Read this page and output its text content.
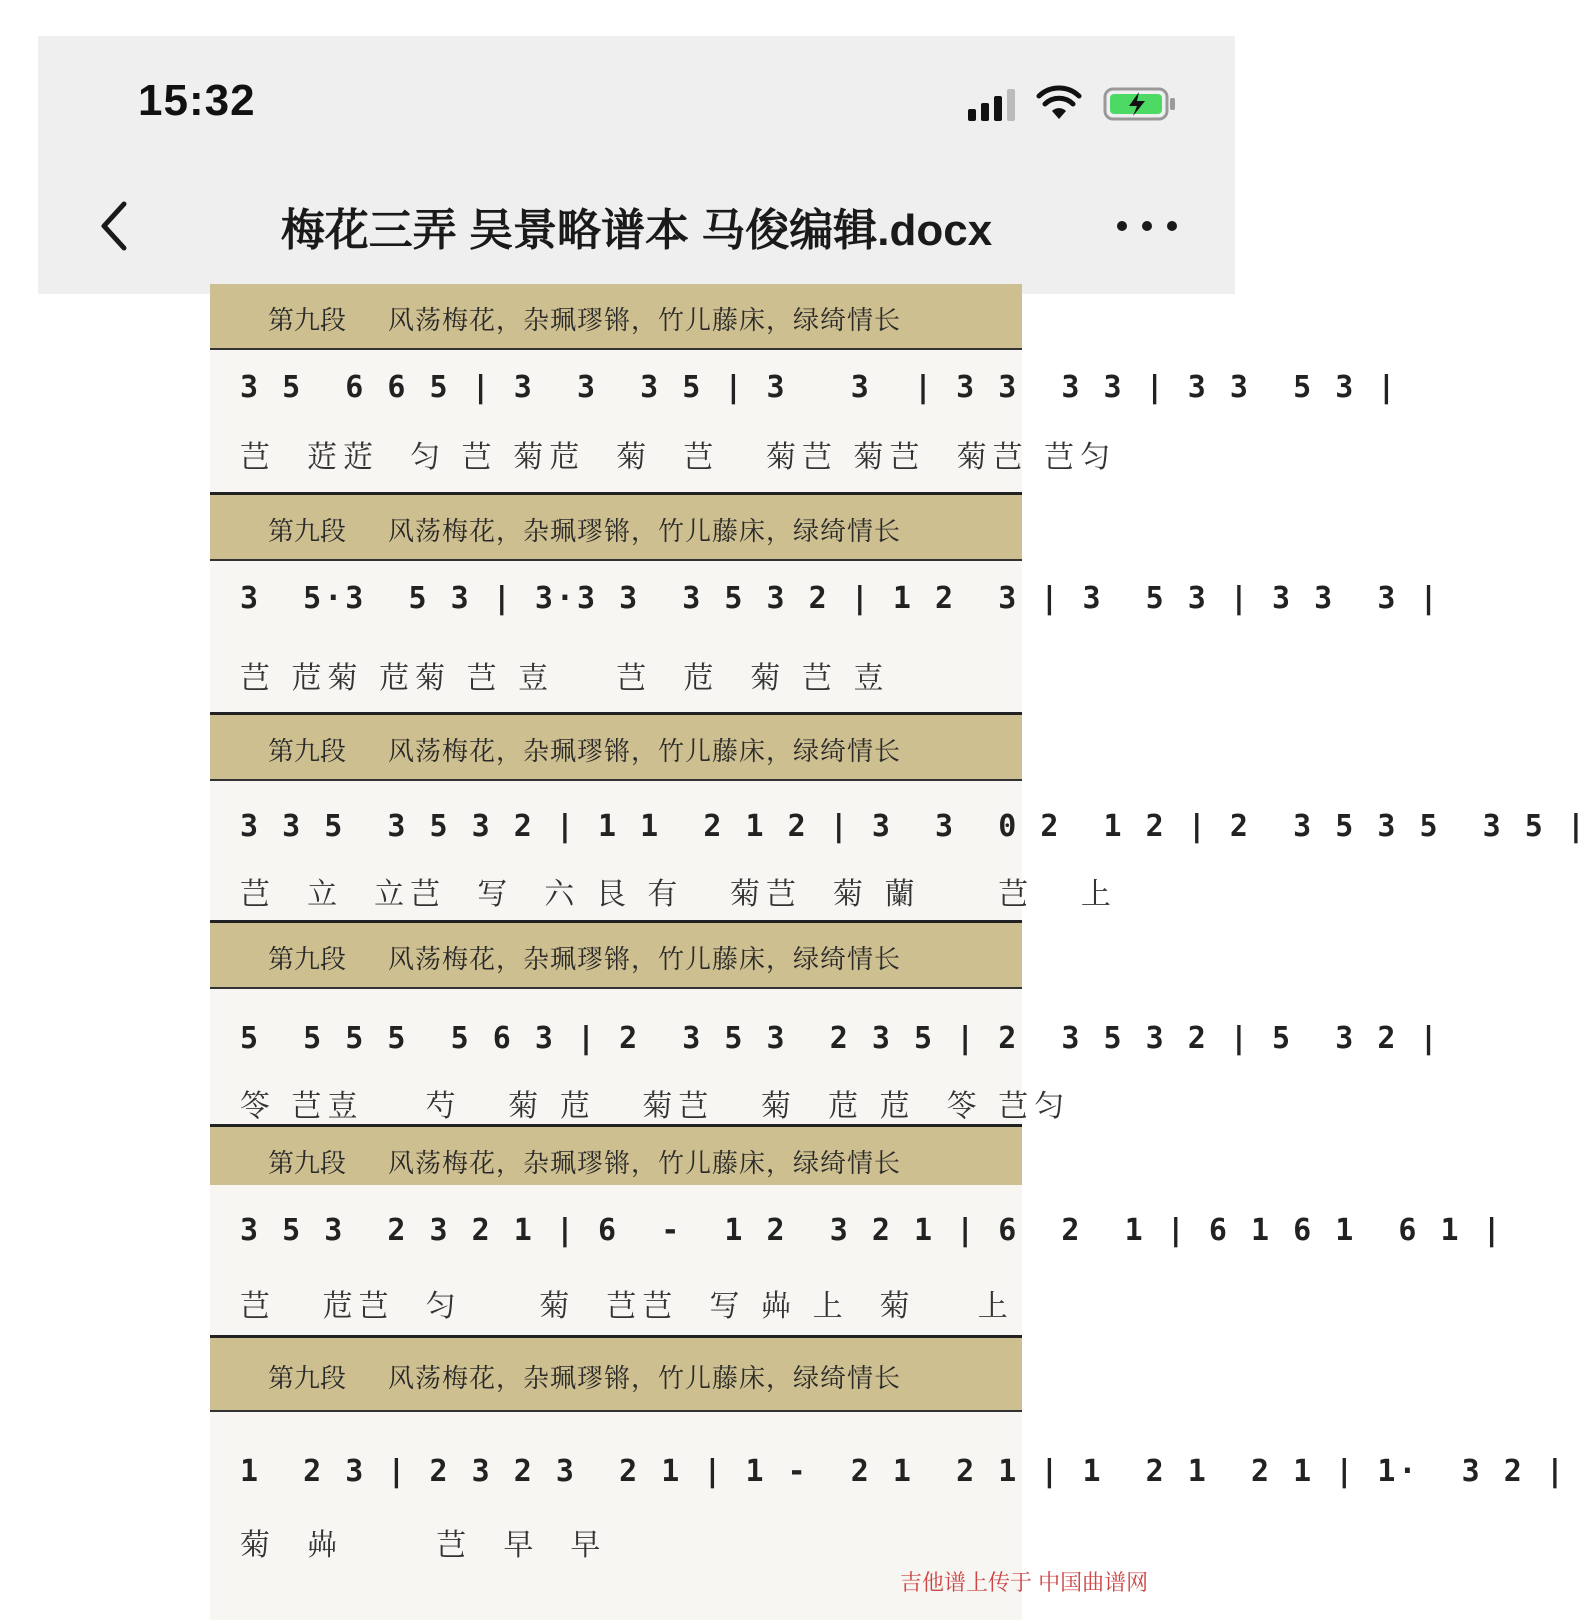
15:32
梅花三弄 吴景略谱本 马俊编辑.docx
第九段 风荡梅花，杂珮璆锵，竹儿藤床，绿绮情长
3 5  6 6 5 | 3  3  3 5 | 3   3  | 3 3  3 3 | 3 3  5 3 |
芑  菦菦  匀 芑 菊苊  菊  芑   菊芑 菊芑  菊芑 芑匀
第九段 风荡梅花，杂珮璆锵，竹儿藤床，绿绮情长
3  5·3  5 3 | 3·3 3  3 5 3 2 | 1 2  3 | 3  5 3 | 3 3  3 |
芑 苊菊 苊菊 芑 壴    芑  苊  菊 芑 壴
第九段 风荡梅花，杂珮璆锵，竹儿藤床，绿绮情长
3 3 5  3 5 3 2 | 1 1  2 1 2 | 3  3  0 2  1 2 | 2  3 5 3 5  3 5 |
芑  立  立芑  写  六 艮 有   菊芑  菊 蘭     芑   上
第九段 风荡梅花，杂珮璆锵，竹儿藤床，绿绮情长
5  5 5 5  5 6 3 | 2  3 5 3  2 3 5 | 2  3 5 3 2 | 5  3 2 |
笭 芑壴    芍   菊 苊   菊芑   菊  苊 苊  笭 芑匀
第九段 风荡梅花，杂珮璆锵，竹儿藤床，绿绮情长
3 5 3  2 3 2 1 | 6  -  1 2  3 2 1 | 6  2  1 | 6 1 6 1  6 1 |
芑   苊芑  匀     菊  芑芑  写 芔 上  菊    上
第九段 风荡梅花，杂珮璆锵，竹儿藤床，绿绮情长
1  2 3 | 2 3 2 3  2 1 | 1 -  2 1  2 1 | 1  2 1  2 1 | 1·  3 2 |
菊  芔      芑  早  早
吉他谱上传于 中国曲谱网
